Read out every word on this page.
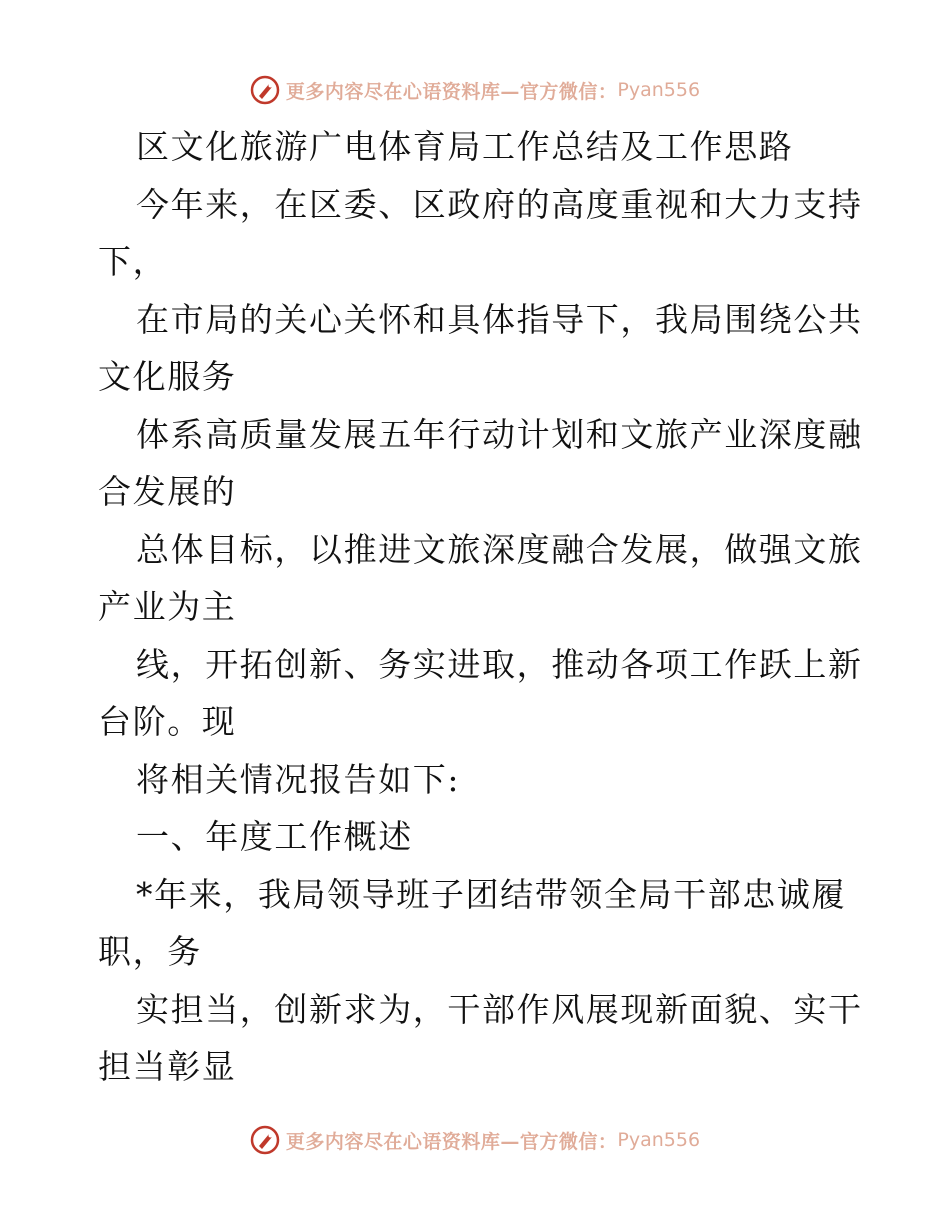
更多内容尽在心语资料库—官方微信： Pyan556
区文化旅游广电体育局工作总结及工作思路
今年来，在区委、区政府的高度重视和大力支持
下，
在市局的关心关怀和具体指导下，我局围绕公共
文化服务
体系高质量发展五年行动计划和文旅产业深度融
合发展的
总体目标，以推进文旅深度融合发展，做强文旅
产业为主
线，开拓创新、务实进取，推动各项工作跃上新
台阶。现
将相关情况报告如下:
一、年度工作概述
*年来，我局领导班子团结带领全局干部忠诚履
职，务
实担当，创新求为，干部作风展现新面貌、实干
担当彰显
更多内容尽在心语资料库—官方微信： Pyan556
